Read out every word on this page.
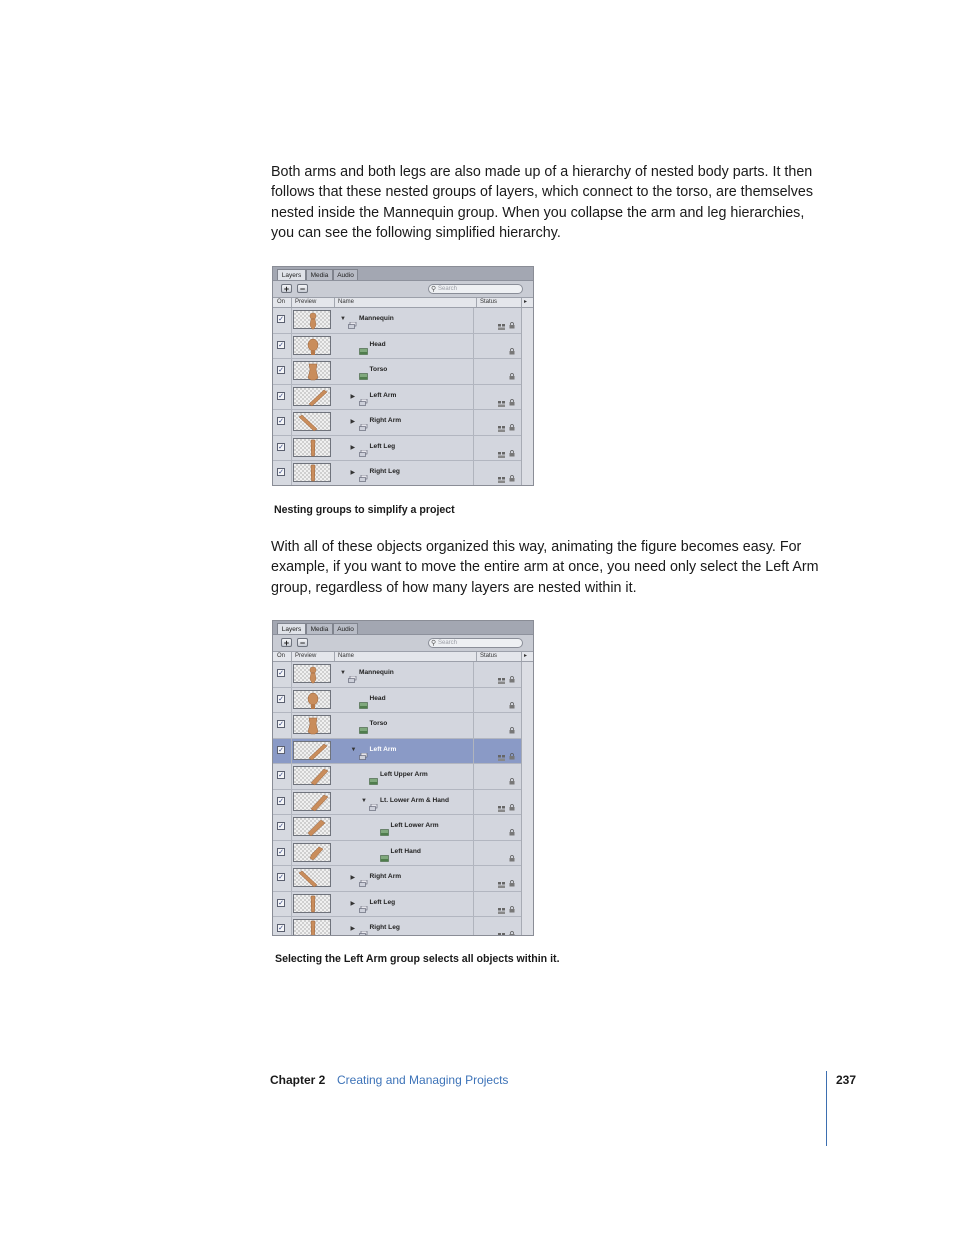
Both arms and both legs are also made up of a hierarchy of nested body parts. It then follows that these nested groups of layers, which connect to the torso, are themselves nested inside the Mannequin group. When you collapse the arm and leg hierarchies, you can see the following simplified hierarchy.

Layers	Media	Audio
+	−	⚲ Search
On Preview	Name	Status	▸
✓	▼ Mannequin
✓	Head
✓	Torso
✓	▶ Left Arm
✓	▶ Right Arm
✓	▶ Left Leg
✓	▶ Right Leg

Nesting groups to simplify a project

With all of these objects organized this way, animating the figure becomes easy. For example, if you want to move the entire arm at once, you need only select the Left Arm group, regardless of how many layers are nested within it.

Layers	Media	Audio
+	−	⚲ Search
On Preview	Name	Status	▸
✓	▼ Mannequin
✓	Head
✓	Torso
✓	▼ Left Arm
✓	Left Upper Arm
✓	▼ Lt. Lower Arm & Hand
✓	Left Lower Arm
✓	Left Hand
✓	▶ Right Arm
✓	▶ Left Leg
✓	▶ Right Leg

Selecting the Left Arm group selects all objects within it.

Chapter 2 Creating and Managing Projects	237
